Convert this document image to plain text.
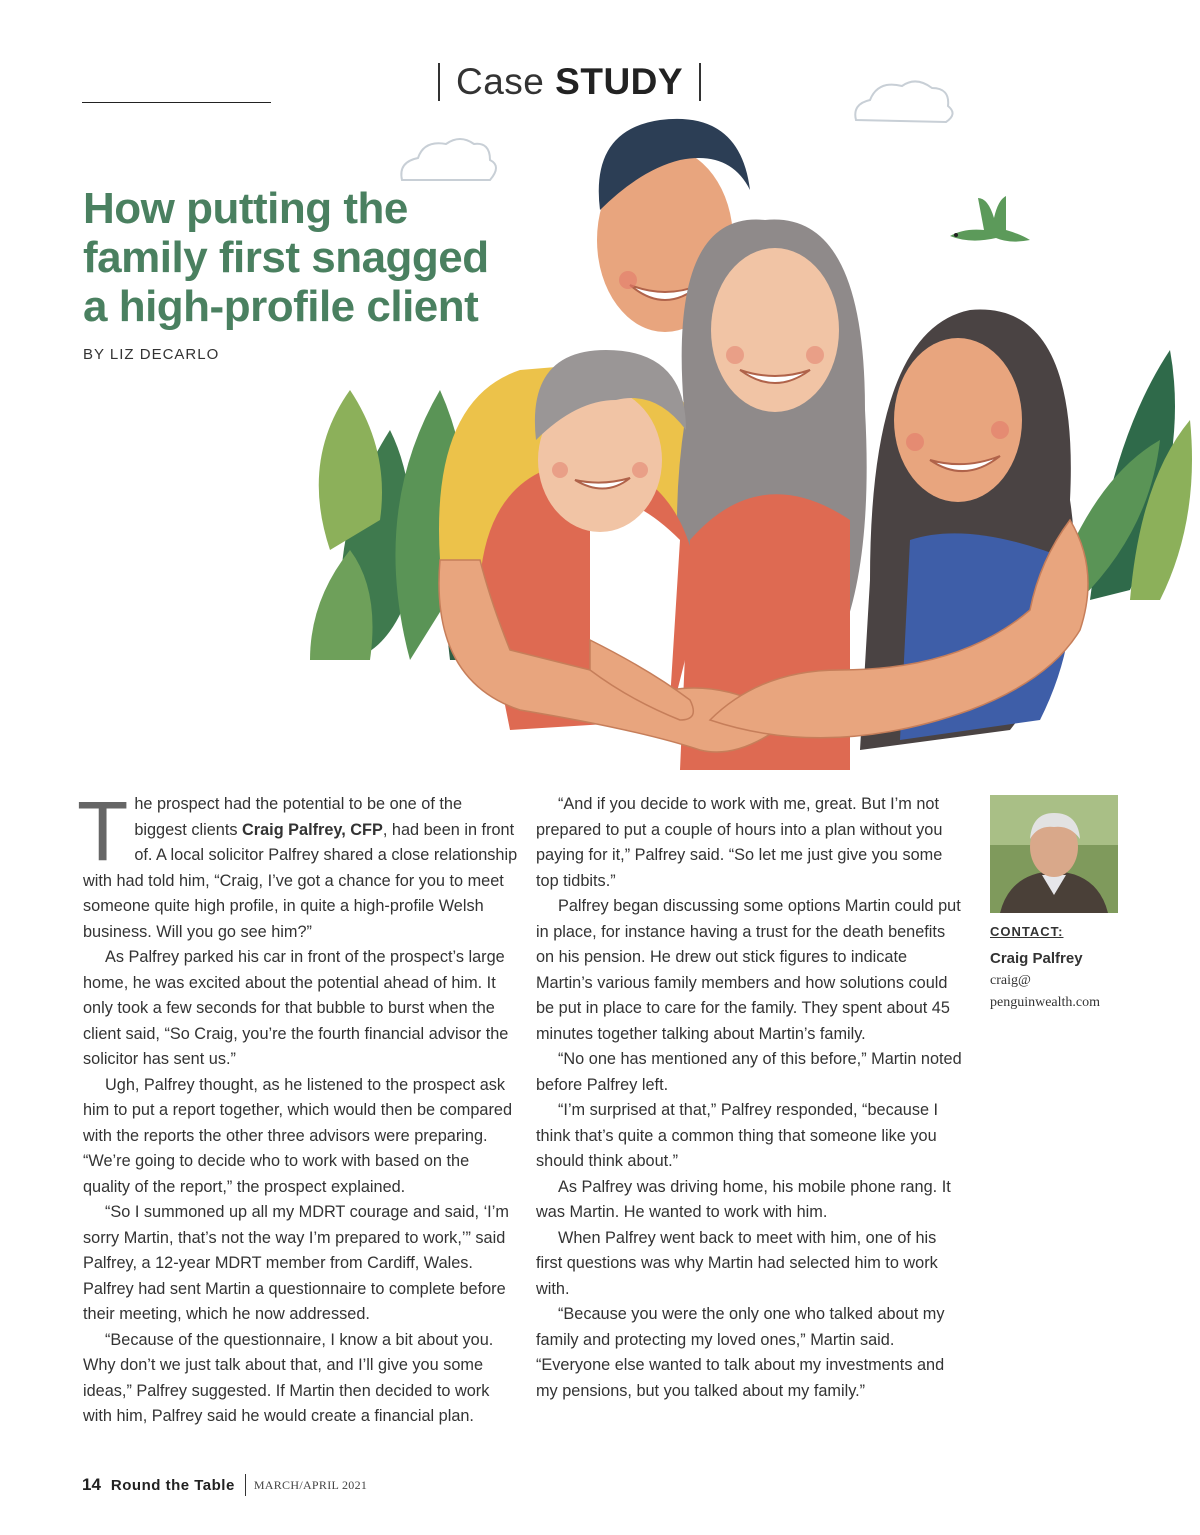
Case STUDY
How putting the
family first snagged
a high-profile client
BY LIZ DECARLO

The prospect had the potential to be one of the biggest clients Craig Palfrey, CFP, had been in front of. A local solicitor Palfrey shared a close relationship with had told him, “Craig, I’ve got a chance for you to meet someone quite high profile, in quite a high-profile Welsh business. Will you go see him?”

As Palfrey parked his car in front of the prospect’s large home, he was excited about the potential ahead of him. It only took a few seconds for that bubble to burst when the client said, “So Craig, you’re the fourth financial advisor the solicitor has sent us.”

Ugh, Palfrey thought, as he listened to the prospect ask him to put a report together, which would then be compared with the reports the other three advisors were preparing. “We’re going to decide who to work with based on the quality of the report,” the prospect explained.

“So I summoned up all my MDRT courage and said, ‘I’m sorry Martin, that’s not the way I’m prepared to work,’” said Palfrey, a 12-year MDRT member from Cardiff, Wales. Palfrey had sent Martin a questionnaire to complete before their meeting, which he now addressed.

“Because of the questionnaire, I know a bit about you. Why don’t we just talk about that, and I’ll give you some ideas,” Palfrey suggested. If Martin then decided to work with him, Palfrey said he would create a financial plan.

“And if you decide to work with me, great. But I’m not prepared to put a couple of hours into a plan without you paying for it,” Palfrey said. “So let me just give you some top tidbits.”

Palfrey began discussing some options Martin could put in place, for instance having a trust for the death benefits on his pension. He drew out stick figures to indicate Martin’s various family members and how solutions could be put in place to care for the family. They spent about 45 minutes together talking about Martin’s family.

“No one has mentioned any of this before,” Martin noted before Palfrey left.

“I’m surprised at that,” Palfrey responded, “because I think that’s quite a common thing that someone like you should think about.”

As Palfrey was driving home, his mobile phone rang. It was Martin. He wanted to work with him.

When Palfrey went back to meet with him, one of his first questions was why Martin had selected him to work with.

“Because you were the only one who talked about my family and protecting my loved ones,” Martin said. “Everyone else wanted to talk about my investments and my pensions, but you talked about my family.”

CONTACT:
Craig Palfrey
craig@
penguinwealth.com
14 Round the Table MARCH/APRIL 2021
